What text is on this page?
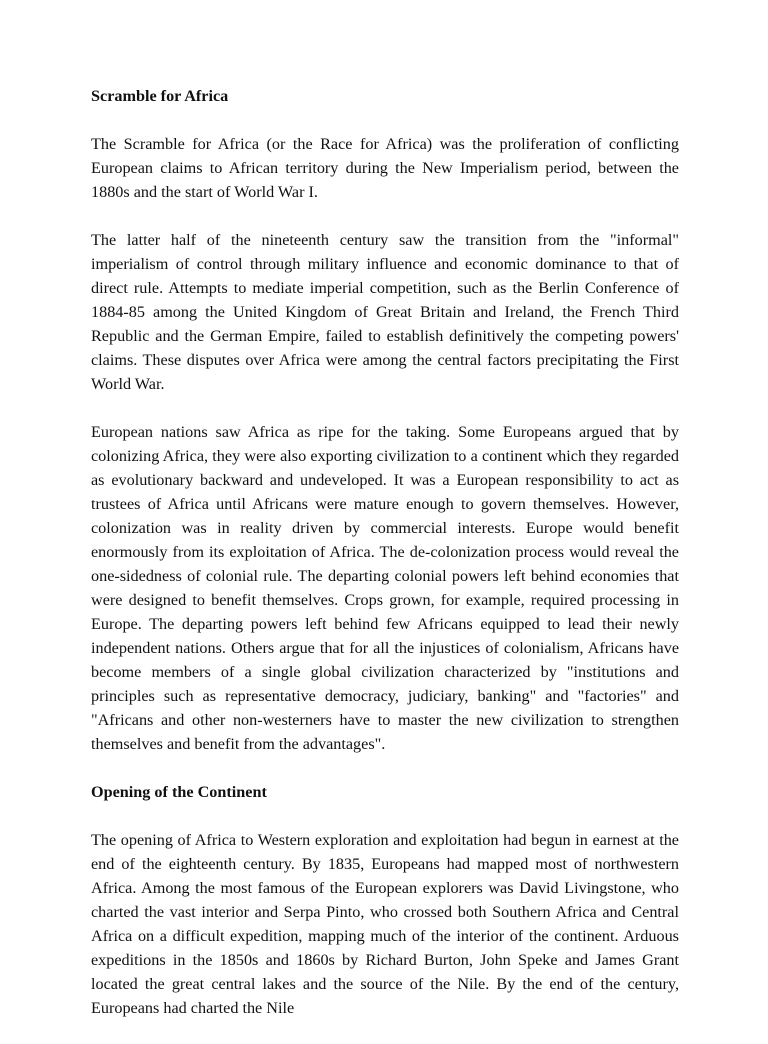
Scramble for Africa

The Scramble for Africa (or the Race for Africa) was the proliferation of conflicting European claims to African territory during the New Imperialism period, between the 1880s and the start of World War I.

The latter half of the nineteenth century saw the transition from the "informal" imperialism of control through military influence and economic dominance to that of direct rule. Attempts to mediate imperial competition, such as the Berlin Conference of 1884-85 among the United Kingdom of Great Britain and Ireland, the French Third Republic and the German Empire, failed to establish definitively the competing powers' claims. These disputes over Africa were among the central factors precipitating the First World War.

European nations saw Africa as ripe for the taking. Some Europeans argued that by colonizing Africa, they were also exporting civilization to a continent which they regarded as evolutionary backward and undeveloped. It was a European responsibility to act as trustees of Africa until Africans were mature enough to govern themselves. However, colonization was in reality driven by commercial interests. Europe would benefit enormously from its exploitation of Africa. The de-colonization process would reveal the one-sidedness of colonial rule. The departing colonial powers left behind economies that were designed to benefit themselves. Crops grown, for example, required processing in Europe. The departing powers left behind few Africans equipped to lead their newly independent nations. Others argue that for all the injustices of colonialism, Africans have become members of a single global civilization characterized by "institutions and principles such as representative democracy, judiciary, banking" and "factories" and "Africans and other non-westerners have to master the new civilization to strengthen themselves and benefit from the advantages".

Opening of the Continent

The opening of Africa to Western exploration and exploitation had begun in earnest at the end of the eighteenth century. By 1835, Europeans had mapped most of northwestern Africa. Among the most famous of the European explorers was David Livingstone, who charted the vast interior and Serpa Pinto, who crossed both Southern Africa and Central Africa on a difficult expedition, mapping much of the interior of the continent. Arduous expeditions in the 1850s and 1860s by Richard Burton, John Speke and James Grant located the great central lakes and the source of the Nile. By the end of the century, Europeans had charted the Nile
